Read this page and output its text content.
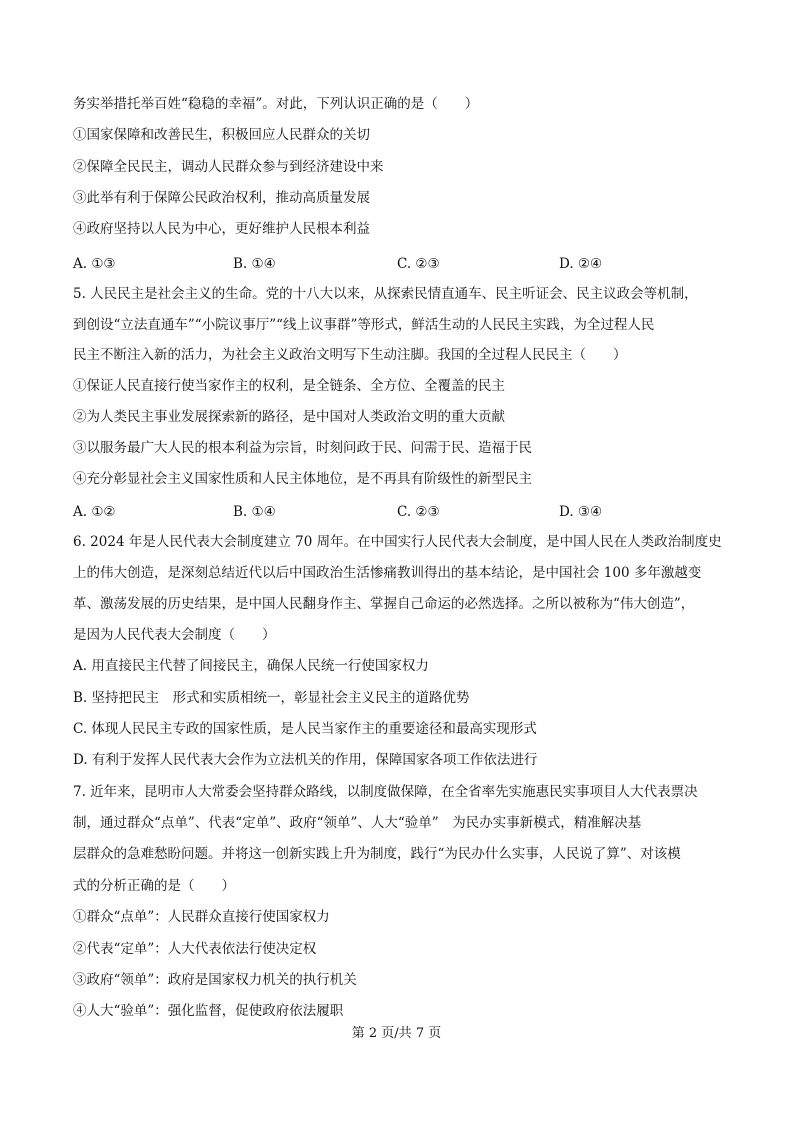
务实举措托举百姓“稳稳的幸福”。对此，下列认识正确的是（　　）
①国家保障和改善民生，积极回应人民群众的关切
②保障全民民主，调动人民群众参与到经济建设中来
③此举有利于保障公民政治权利，推动高质量发展
④政府坚持以人民为中心，更好维护人民根本利益
A. ①③	B. ①④	C. ②③	D. ②④
5. 人民民主是社会主义的生命。党的十八大以来，从探索民情直通车、民主听证会、民主议政会等机制，
到创设“立法直通车”“小院议事厅”“线上议事群”等形式，鲜活生动的人民民主实践，为全过程人民
民主不断注入新的活力，为社会主义政治文明写下生动注脚。我国的全过程人民民主（　　）
①保证人民直接行使当家作主的权利，是全链条、全方位、全覆盖的民主
②为人类民主事业发展探索新的路径，是中国对人类政治文明的重大贡献
③以服务最广大人民的根本利益为宗旨，时刻问政于民、问需于民、造福于民
④充分彰显社会主义国家性质和人民主体地位，是不再具有阶级性的新型民主
A. ①②	B. ①④	C. ②③	D. ③④
6. 2024 年是人民代表大会制度建立 70 周年。在中国实行人民代表大会制度，是中国人民在人类政治制度史
上的伟大创造，是深刻总结近代以后中国政治生活惨痛教训得出的基本结论，是中国社会 100 多年激越变
革、激荡发展的历史结果，是中国人民翻身作主、掌握自己命运的必然选择。之所以被称为“伟大创造”，
是因为人民代表大会制度（　　）
A. 用直接民主代替了间接民主，确保人民统一行使国家权力
B. 坚持把民主　形式和实质相统一，彰显社会主义民主的道路优势
C. 体现人民民主专政的国家性质，是人民当家作主的重要途径和最高实现形式
D. 有利于发挥人民代表大会作为立法机关的作用，保障国家各项工作依法进行
7. 近年来，昆明市人大常委会坚持群众路线，以制度做保障，在全省率先实施惠民实事项目人大代表票决
制，通过群众“点单”、代表“定单”、政府“领单”、人大“验单”　为民办实事新模式，精准解决基
层群众的急难愁盼问题。并将这一创新实践上升为制度，践行“为民办什么实事，人民说了算”、对该模
式的分析正确的是（　　）
①群众“点单”：人民群众直接行使国家权力
②代表“定单”：人大代表依法行使决定权
③政府“领单”：政府是国家权力机关的执行机关
④人大“验单”：强化监督，促使政府依法履职
第 2 页/共 7 页
